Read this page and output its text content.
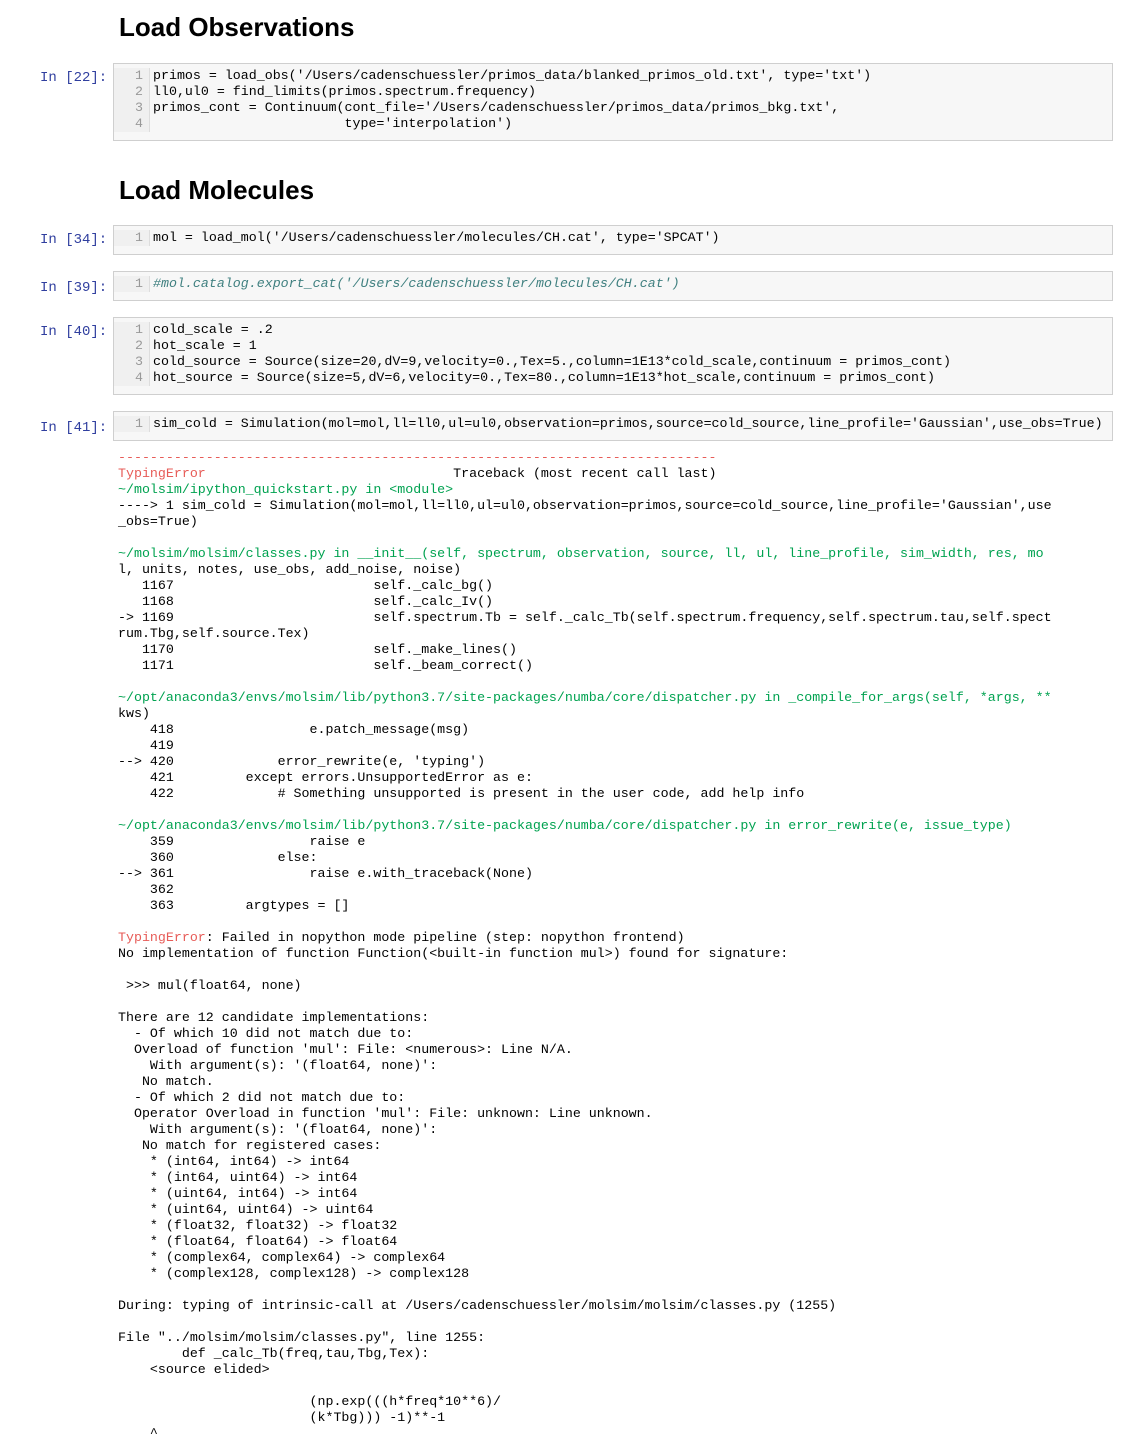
Load Observations
In [22]:	1
2
3
4
primos = load_obs('/Users/cadenschuessler/primos_data/blanked_primos_old.txt', type='txt')
ll0,ul0 = find_limits(primos.spectrum.frequency)
primos_cont = Continuum(cont_file='/Users/cadenschuessler/primos_data/primos_bkg.txt',
type='interpolation')
Load Molecules
In [34]:	1 mol = load_mol('/Users/cadenschuessler/molecules/CH.cat', type='SPCAT')
In [39]:	1 #mol.catalog.export_cat('/Users/cadenschuessler/molecules/CH.cat')
In [40]:	1
2
3
4
cold_scale = .2
hot_scale = 1
cold_source = Source(size=20,dV=9,velocity=0.,Tex=5.,column=1E13*cold_scale,continuum = primos_cont)
hot_source = Source(size=5,dV=6,velocity=0.,Tex=80.,column=1E13*hot_scale,continuum = primos_cont)
In [41]:	1 sim_cold = Simulation(mol=mol,ll=ll0,ul=ul0,observation=primos,source=cold_source,line_profile='Gaussian',use_obs=True)
---------------------------------------------------------------------------
TypingError                               Traceback (most recent call last)
~/molsim/ipython_quickstart.py in <module>
----> 1 sim_cold = Simulation(mol=mol,ll=ll0,ul=ul0,observation=primos,source=cold_source,line_profile='Gaussian',use
_obs=True)
~/molsim/molsim/classes.py in __init__(self, spectrum, observation, source, ll, ul, line_profile, sim_width, res, mo
l, units, notes, use_obs, add_noise, noise)
1167                         self._calc_bg()
1168                         self._calc_Iv()
-> 1169                         self.spectrum.Tb = self._calc_Tb(self.spectrum.frequency,self.spectrum.tau,self.spect
rum.Tbg,self.source.Tex)
1170                         self._make_lines()
1171                         self._beam_correct()
~/opt/anaconda3/envs/molsim/lib/python3.7/site-packages/numba/core/dispatcher.py in _compile_for_args(self, *args, **
kws)
418                 e.patch_message(msg)
419
--> 420             error_rewrite(e, 'typing')
421         except errors.UnsupportedError as e:
422             # Something unsupported is present in the user code, add help info
~/opt/anaconda3/envs/molsim/lib/python3.7/site-packages/numba/core/dispatcher.py in error_rewrite(e, issue_type)
359                 raise e
360             else:
--> 361                 raise e.with_traceback(None)
362
363         argtypes = []
TypingError: Failed in nopython mode pipeline (step: nopython frontend)
No implementation of function Function(<built-in function mul>) found for signature:

>>> mul(float64, none)

There are 12 candidate implementations:
- Of which 10 did not match due to:
Overload of function 'mul': File: <numerous>: Line N/A.
With argument(s): '(float64, none)':
No match.
- Of which 2 did not match due to:
Operator Overload in function 'mul': File: unknown: Line unknown.
With argument(s): '(float64, none)':
No match for registered cases:
* (int64, int64) -> int64
* (int64, uint64) -> int64
* (uint64, int64) -> int64
* (uint64, uint64) -> uint64
* (float32, float32) -> float32
* (float64, float64) -> float64
* (complex64, complex64) -> complex64
* (complex128, complex128) -> complex128
During: typing of intrinsic-call at /Users/cadenschuessler/molsim/molsim/classes.py (1255)
File "../molsim/molsim/classes.py", line 1255:
def _calc_Tb(freq,tau,Tbg,Tex):
<source elided>
(np.exp(((h*freq*10**6)/
(k*Tbg))) -1)**-1
^
